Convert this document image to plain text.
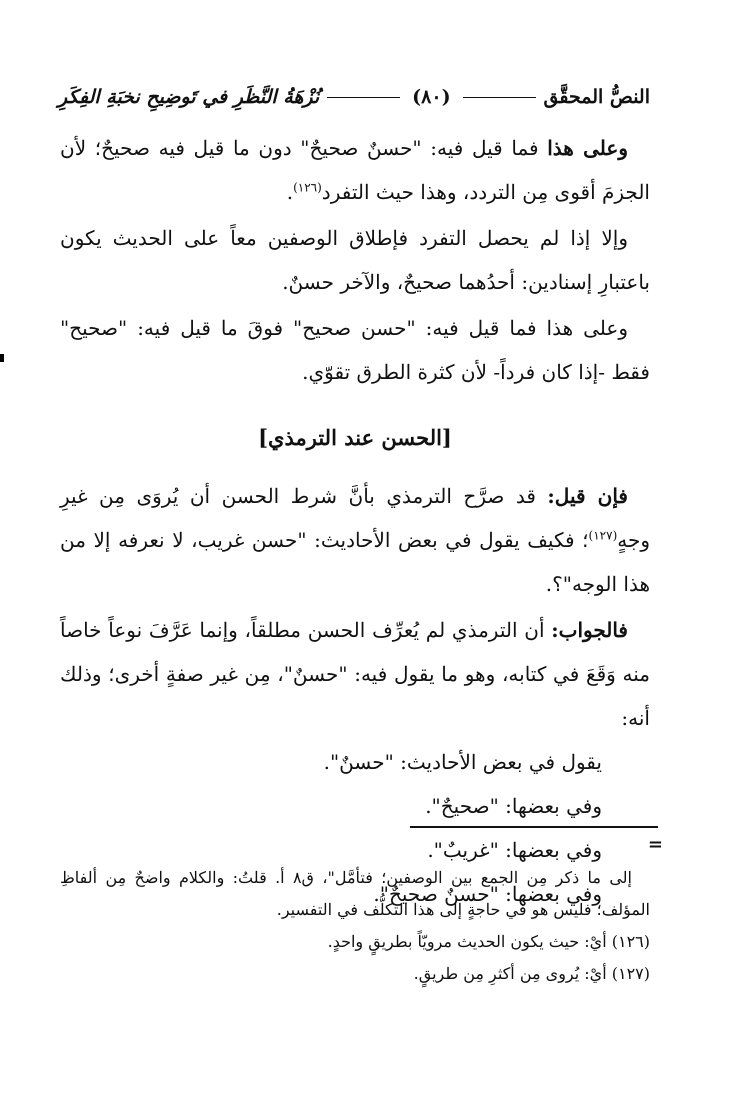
النصُّ المحقَّق
(٨٠)
نُزْهَةُ النَّظَرِ في تَوضِيحِ نخبَةِ الفِكَرِ

وعلى هذا فما قيل فيه: "حسنٌ صحيحٌ" دون ما قيل فيه صحيحٌ؛ لأن الجزمَ أقوى مِن التردد، وهذا حيث التفرد$^{(١٢٦)}$.

وإلا إذا لم يحصل التفرد فإطلاق الوصفين معاً على الحديث يكون باعتبارِ إسنادين: أحدُهما صحيحٌ، والآخر حسنٌ.

وعلى هذا فما قيل فيه: "حسن صحيح" فوقَ ما قيل فيه: "صحيح" فقط -إذا كان فرداً- لأن كثرة الطرق تقوّي.

[الحسن عند الترمذي]

فإن قيل: قد صرَّح الترمذي بأنَّ شرط الحسن أن يُروَى مِن غيرِ وجهٍ$^{(١٢٧)}$؛ فكيف يقول في بعض الأحاديث: "حسن غريب، لا نعرفه إلا من هذا الوجه"؟.

فالجواب: أن الترمذي لم يُعرِّف الحسن مطلقاً، وإنما عَرَّفَ نوعاً خاصاً منه وَقَعَ في كتابه، وهو ما يقول فيه: "حسنٌ"، مِن غير صفةٍ أخرى؛ وذلك أنه:

يقول في بعض الأحاديث: "حسنٌ".

وفي بعضها: "صحيحٌ".

وفي بعضها: "غريبٌ".

وفي بعضها: "حسنٌ صحيحٌ".

=

إلى ما ذكر مِن الجمع بين الوصفين؛ فتأمَّل"، ق٨ أ. قلتُ: والكلام واضحٌ مِن ألفاظِ المؤلف؛ فليس هو في حاجةٍ إلى هذا التكلُّف في التفسير.

(١٢٦) أيْ: حيث يكون الحديث مرويّاً بطريقٍ واحدٍ.

(١٢٧) أيْ: يُروى مِن أكثرِ مِن طريقٍ.
